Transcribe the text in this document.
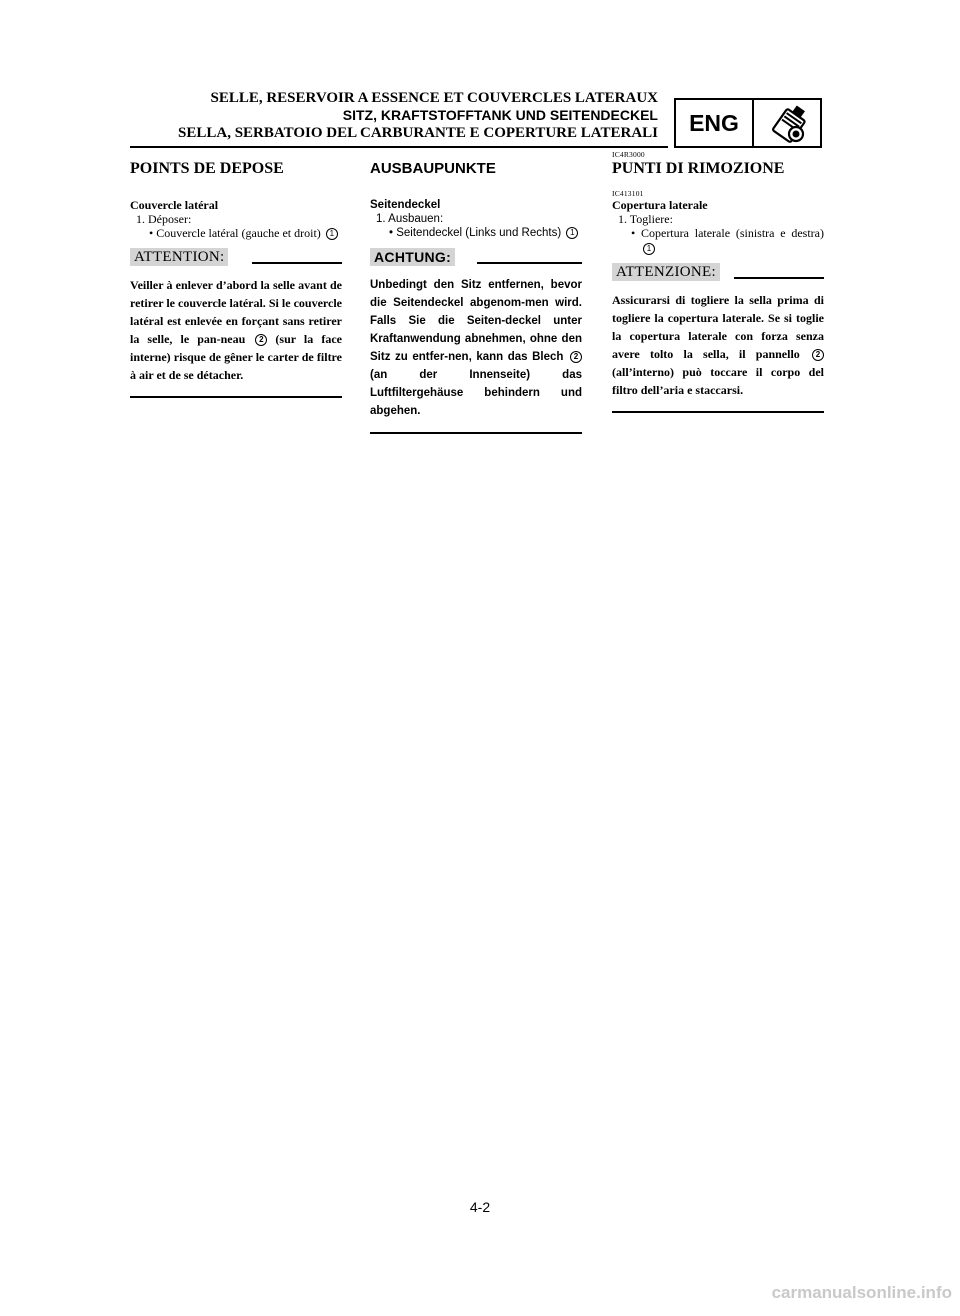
SELLE, RESERVOIR A ESSENCE ET COUVERCLES LATERAUX
SITZ, KRAFTSTOFFTANK UND SEITENDECKEL
SELLA, SERBATOIO DEL CARBURANTE E COPERTURE LATERALI	ENG
POINTS DE DEPOSE
Couvercle latéral
1. Déposer:
• Couvercle latéral (gauche et droit) 1
ATTENTION:
Veiller à enlever d’abord la selle avant de retirer le couvercle latéral. Si le couvercle latéral est enlevée en forçant sans retirer la selle, le pan-neau 2 (sur la face interne) risque de gêner le carter de filtre à air et de se détacher.
AUSBAUPUNKTE
Seitendeckel
1. Ausbauen:
• Seitendeckel (Links und Rechts) 1
ACHTUNG:
Unbedingt den Sitz entfernen, bevor die Seitendeckel abgenom-men wird. Falls Sie die Seiten-deckel unter Kraftanwendung abnehmen, ohne den Sitz zu entfer-nen, kann das Blech 2 (an der Innenseite) das Luftfiltergehäuse behindern und abgehen.
IC4R3000
PUNTI DI RIMOZIONE
IC413101
Copertura laterale
1. Togliere:
• Copertura laterale (sinistra e destra) 1
ATTENZIONE:
Assicurarsi di togliere la sella prima di togliere la copertura laterale. Se si toglie la copertura laterale con forza senza avere tolto la sella, il pannello 2 (all’interno) può toccare il corpo del filtro dell’aria e staccarsi.
4-2
carmanualsonline.info
